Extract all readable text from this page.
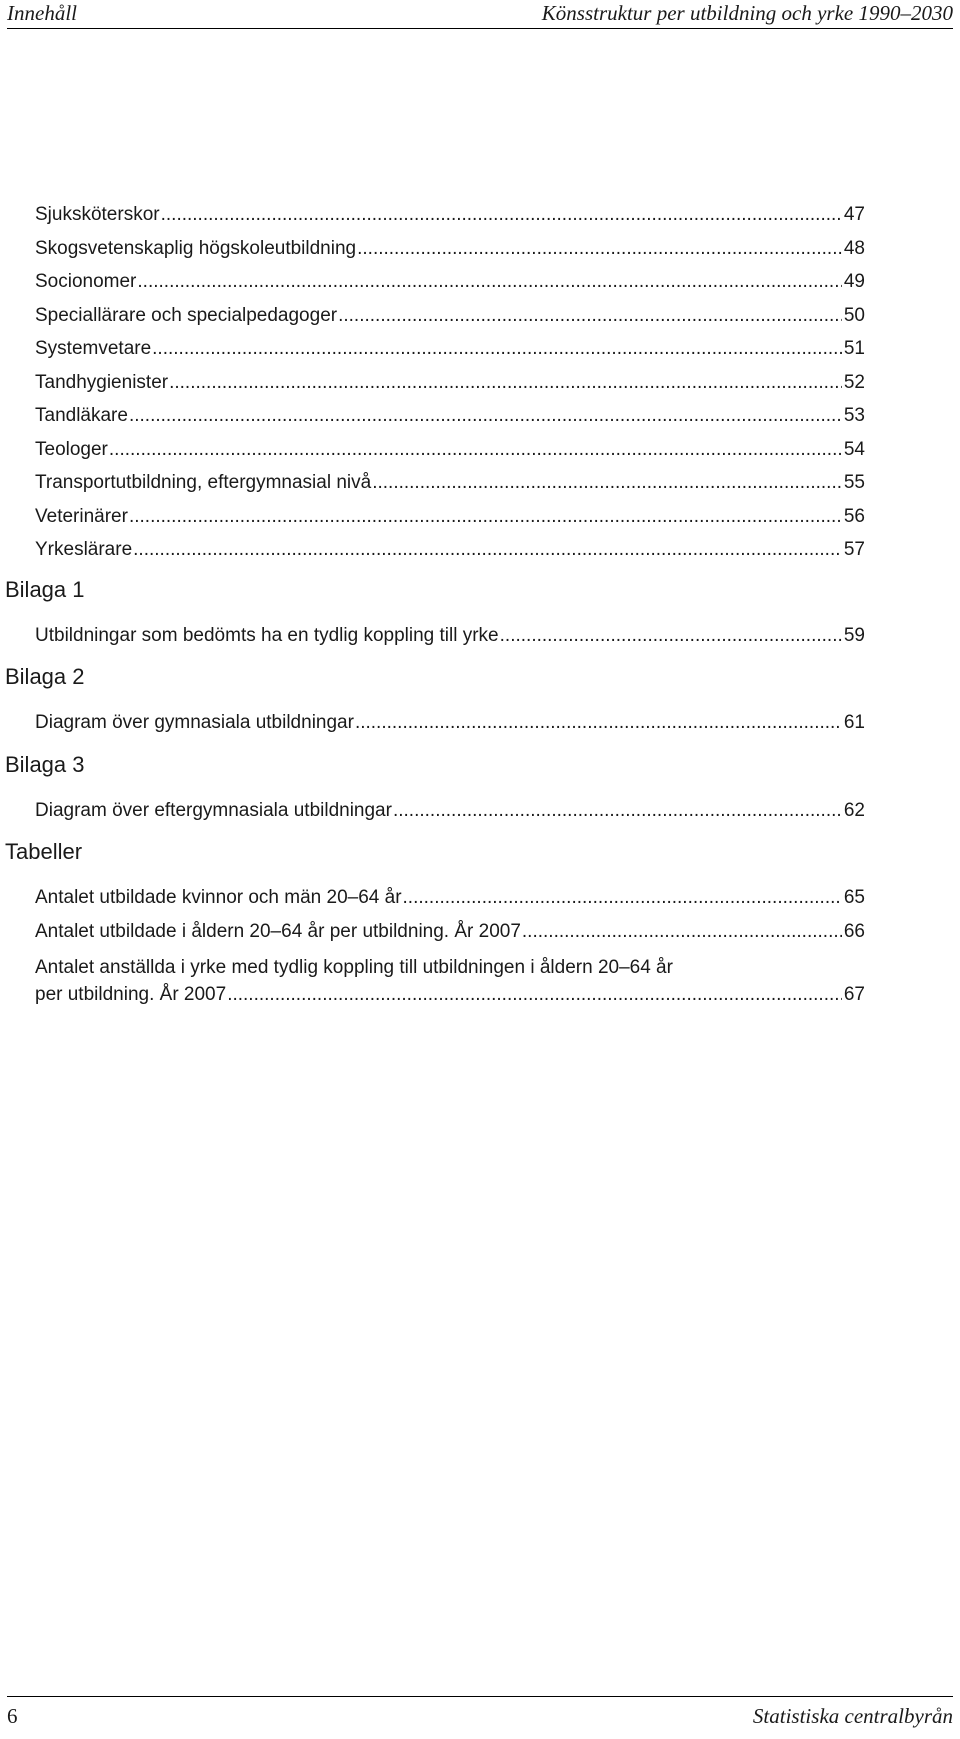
Innehåll	Könsstruktur per utbildning och yrke 1990–2030
Sjuksköterskor .....	47
Skogsvetenskaplig högskoleutbildning .....	48
Socionomer .....	49
Speciallärare och specialpedagoger .....	50
Systemvetare .....	51
Tandhygienister .....	52
Tandläkare .....	53
Teologer .....	54
Transportutbildning, eftergymnasial nivå .....	55
Veterinärer .....	56
Yrkeslärare .....	57
Bilaga 1
Utbildningar som bedömts ha en tydlig koppling till yrke .....	59
Bilaga 2
Diagram över gymnasiala utbildningar .....	61
Bilaga 3
Diagram över eftergymnasiala utbildningar .....	62
Tabeller
Antalet utbildade kvinnor och män 20–64 år .....	65
Antalet utbildade i åldern 20–64 år per utbildning. År 2007 .....	66
Antalet anställda i yrke med tydlig koppling till utbildningen i åldern 20–64 år
per utbildning. År 2007 .....	67
6	Statistiska centralbyrån
